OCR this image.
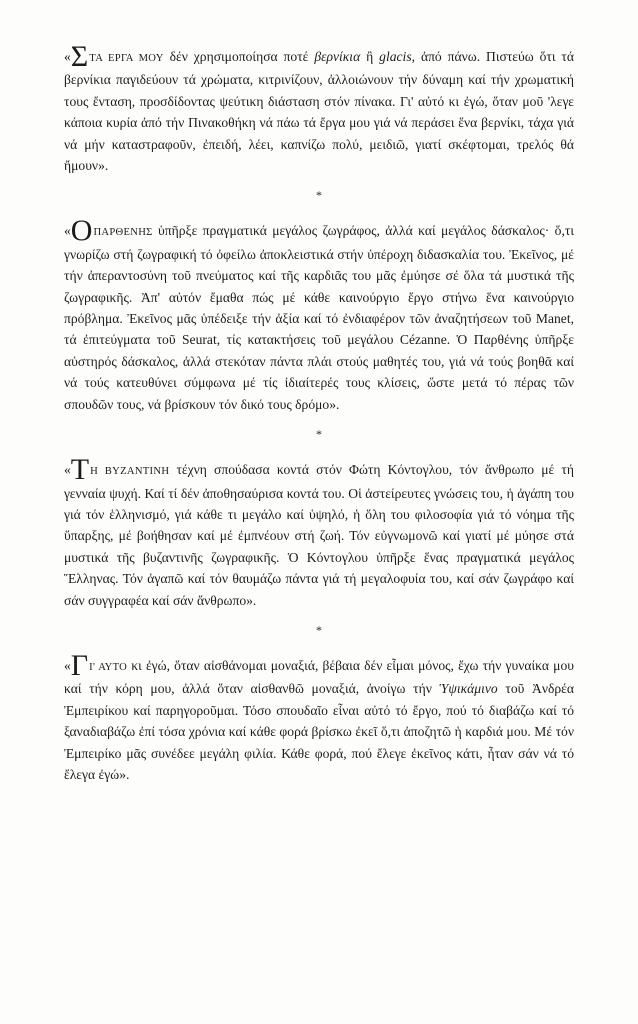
«ΣΤΑ ΕΡΓΑ ΜΟΥ δέν χρησιμοποίησα ποτέ βερνίκια ἢ glacis, ἀπό πάνω. Πιστεύω ὅτι τά βερνίκια παγιδεύουν τά χρώματα, κιτρινίζουν, ἀλλοιώνουν τήν δύναμη καί τήν χρωματική τους ἔνταση, προσδίδοντας ψεύτικη διάσταση στόν πίνακα. Γι' αὐτό κι ἐγώ, ὅταν μοῦ 'λεγε κάποια κυρία ἀπό τήν Πινακοθήκη νά πάω τά ἔργα μου γιά νά περάσει ἕνα βερνίκι, τάχα γιά νά μήν καταστραφοῦν, ἐπειδή, λέει, καπνίζω πολύ, μειδιῶ, γιατί σκέφτομαι, τρελός θά ἤμουν».

*

«ΟΠΑΡΘΕΝΗΣ ὑπῆρξε πραγματικά μεγάλος ζωγράφος, ἀλλά καί μεγάλος δάσκαλος· ὅ,τι γνωρίζω στή ζωγραφική τό ὀφείλω ἀποκλειστικά στήν ὑπέροχη διδασκαλία του. Ἐκεῖνος, μέ τήν ἀπεραντοσύνη τοῦ πνεύματος καί τῆς καρδιᾶς του μᾶς ἐμύησε σέ ὅλα τά μυστικά τῆς ζωγραφικῆς. Ἀπ' αὐτόν ἔμαθα πώς μέ κάθε καινούργιο ἔργο στήνω ἕνα καινούργιο πρόβλημα. Ἐκεῖνος μᾶς ὑπέδειξε τήν ἀξία καί τό ἐνδιαφέρον τῶν ἀναζητήσεων τοῦ Manet, τά ἐπιτεύγματα τοῦ Seurat, τίς κατακτήσεις τοῦ μεγάλου Cézanne. Ὁ Παρθένης ὑπῆρξε αὐστηρός δάσκαλος, ἀλλά στεκόταν πάντα πλάι στούς μαθητές του, γιά νά τούς βοηθᾶ καί νά τούς κατευθύνει σύμφωνα μέ τίς ἰδιαίτερές τους κλίσεις, ὥστε μετά τό πέρας τῶν σπουδῶν τους, νά βρίσκουν τόν δικό τους δρόμο».

*

«ΤΗ ΒΥΖΑΝΤΙΝΗ τέχνη σπούδασα κοντά στόν Φώτη Κόντογλου, τόν ἄνθρωπο μέ τή γενναία ψυχή. Καί τί δέν ἀποθησαύρισα κοντά του. Οἱ ἀστείρευτες γνώσεις του, ἡ ἀγάπη του γιά τόν ἑλληνισμό, γιά κάθε τι μεγάλο καί ὑψηλό, ἡ ὅλη του φιλοσοφία γιά τό νόημα τῆς ὕπαρξης, μέ βοήθησαν καί μέ ἐμπνέουν στή ζωή. Τόν εὐγνωμονῶ καί γιατί μέ μύησε στά μυστικά τῆς βυζαντινῆς ζωγραφικῆς. Ὁ Κόντογλου ὑπῆρξε ἕνας πραγματικά μεγάλος Ἕλληνας. Τόν ἀγαπῶ καί τόν θαυμάζω πάντα γιά τή μεγαλοφυία του, καί σάν ζωγράφο καί σάν συγγραφέα καί σάν ἄνθρωπο».

*

«ΓΙ' ΑΥΤΟ κι ἐγώ, ὅταν αἰσθάνομαι μοναξιά, βέβαια δέν εἶμαι μόνος, ἔχω τήν γυναίκα μου καί τήν κόρη μου, ἀλλά ὅταν αἰσθανθῶ μοναξιά, ἀνοίγω τήν Ὑψικάμινο τοῦ Ἀνδρέα Ἐμπειρίκου καί παρηγοροῦμαι. Τόσο σπουδαῖο εἶναι αὐτό τό ἔργο, πού τό διαβάζω καί τό ξαναδιαβάζω ἐπί τόσα χρόνια καί κάθε φορά βρίσκω ἐκεῖ ὅ,τι ἀποζητῶ ἡ καρδιά μου. Μέ τόν Ἐμπειρίκο μᾶς συνέδεε μεγάλη φιλία. Κάθε φορά, πού ἔλεγε ἐκεῖνος κάτι, ἦταν σάν νά τό ἔλεγα ἐγώ».
